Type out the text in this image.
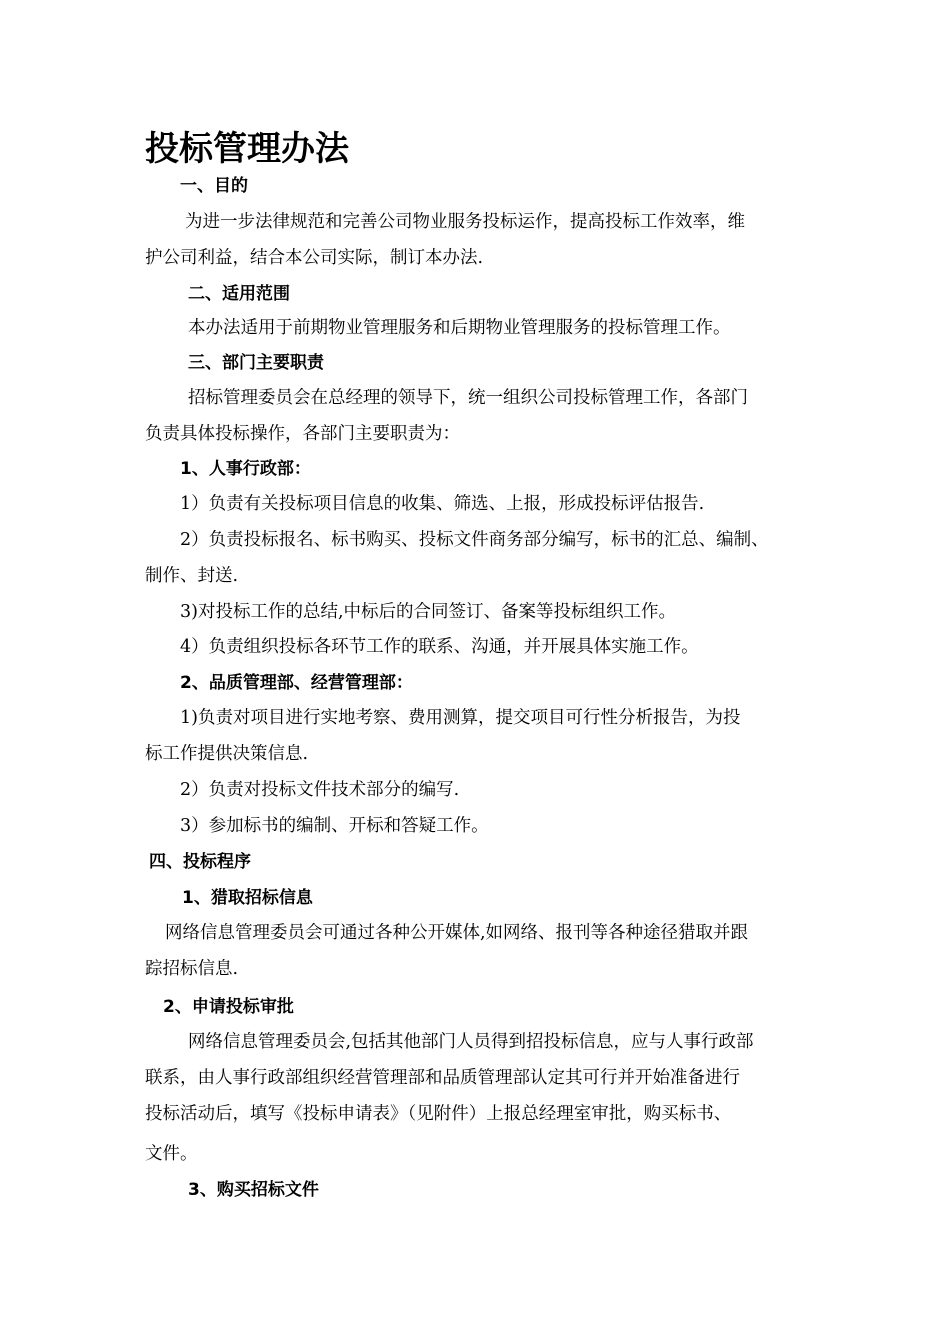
投标管理办法
一、目的
为进一步法律规范和完善公司物业服务投标运作，提高投标工作效率，维
护公司利益，结合本公司实际，制订本办法.
二、适用范围
本办法适用于前期物业管理服务和后期物业管理服务的投标管理工作。
三、部门主要职责
招标管理委员会在总经理的领导下，统一组织公司投标管理工作，各部门
负责具体投标操作，各部门主要职责为：
1、人事行政部：
1）负责有关投标项目信息的收集、筛选、上报，形成投标评估报告.
2）负责投标报名、标书购买、投标文件商务部分编写，标书的汇总、编制、
制作、封送.
3)对投标工作的总结,中标后的合同签订、备案等投标组织工作。
4）负责组织投标各环节工作的联系、沟通，并开展具体实施工作。
2、品质管理部、经营管理部：
1)负责对项目进行实地考察、费用测算，提交项目可行性分析报告，为投
标工作提供决策信息.
2）负责对投标文件技术部分的编写.
3）参加标书的编制、开标和答疑工作。
四、投标程序
1、猎取招标信息
网络信息管理委员会可通过各种公开媒体,如网络、报刊等各种途径猎取并跟
踪招标信息.
2、申请投标审批
网络信息管理委员会,包括其他部门人员得到招投标信息，应与人事行政部
联系，由人事行政部组织经营管理部和品质管理部认定其可行并开始准备进行
投标活动后，填写《投标申请表》（见附件）上报总经理室审批，购买标书、
文件。
3、购买招标文件
